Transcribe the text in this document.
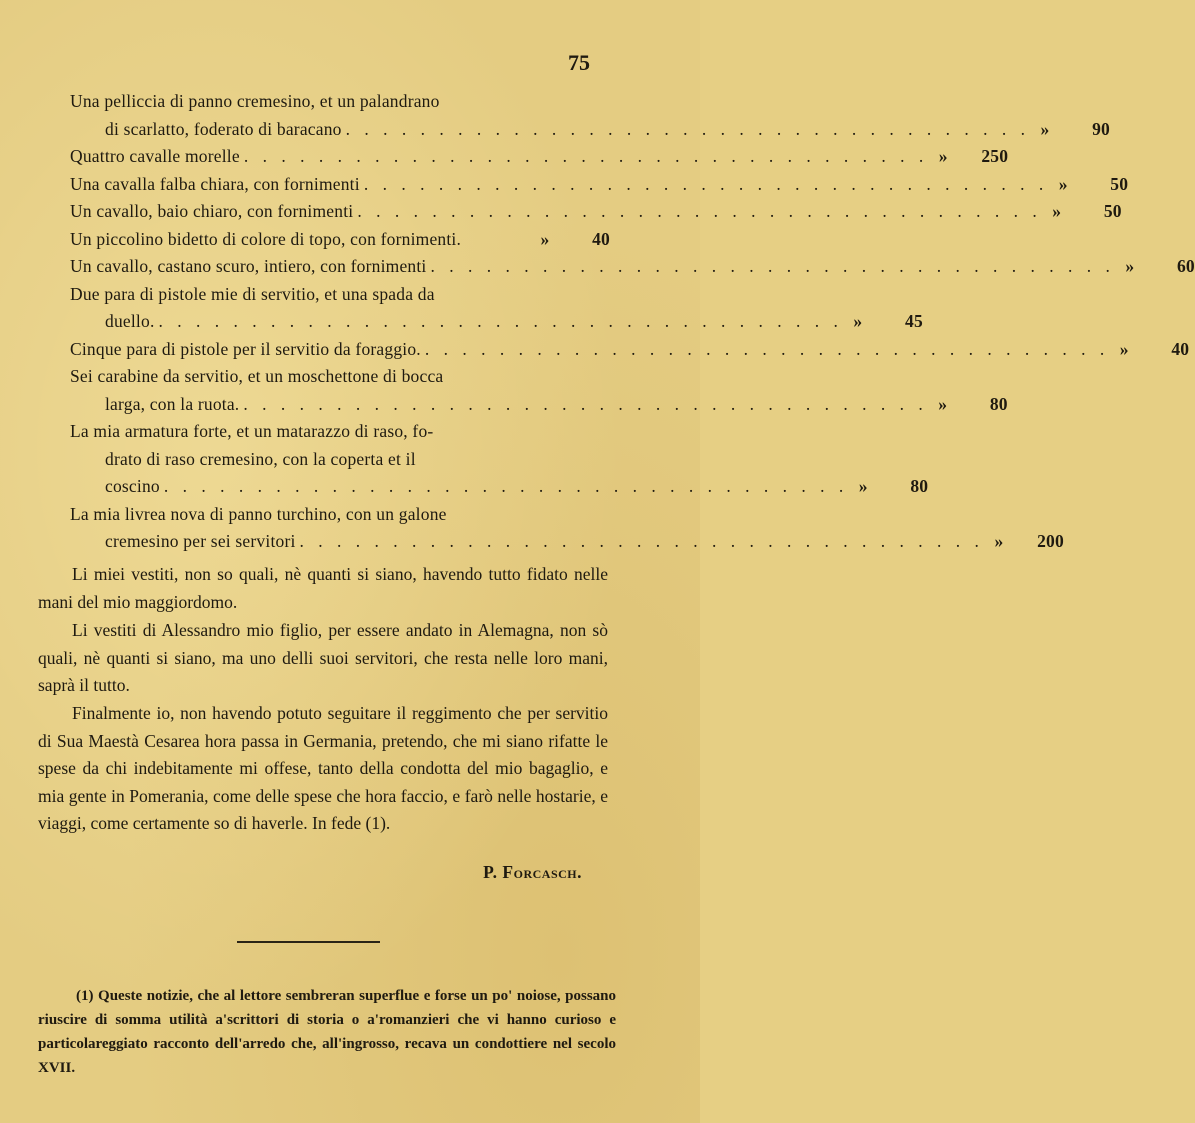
75
Una pelliccia di panno cremesino, et un palandrano
di scarlatto, foderato di baracano . . . . . . . . . . . . . . . . . . . . . . . . . . . . . . . . . . . . . »	90
Quattro cavalle morelle . . . . . . . . . . . . . . . . . . . . . . . . . . . . . . . . . . . . . »	250
Una cavalla falba chiara, con fornimenti . . . . . . . . . . . . . . . . . . . . . . . . . . . . . . . . . . . . . »	50
Un cavallo, baio chiaro, con fornimenti . . . . . . . . . . . . . . . . . . . . . . . . . . . . . . . . . . . . . »	50
Un piccolino bidetto di colore di topo, con fornimenti.	»	40
Un cavallo, castano scuro, intiero, con fornimenti . . . . . . . . . . . . . . . . . . . . . . . . . . . . . . . . . . . . . »	60
Due para di pistole mie di servitio, et una spada da
duello. . . . . . . . . . . . . . . . . . . . . . . . . . . . . . . . . . . . . . »	45
Cinque para di pistole per il servitio da foraggio. . . . . . . . . . . . . . . . . . . . . . . . . . . . . . . . . . . . . . »	40
Sei carabine da servitio, et un moschettone di bocca
larga, con la ruota. . . . . . . . . . . . . . . . . . . . . . . . . . . . . . . . . . . . . . »	80
La mia armatura forte, et un matarazzo di raso, fo-
drato di raso cremesino, con la coperta et il
coscino . . . . . . . . . . . . . . . . . . . . . . . . . . . . . . . . . . . . . »	80
La mia livrea nova di panno turchino, con un galone
cremesino per sei servitori . . . . . . . . . . . . . . . . . . . . . . . . . . . . . . . . . . . . . »	200
Li miei vestiti, non so quali, nè quanti si siano, havendo tutto fidato nelle mani del mio maggiordomo.
Li vestiti di Alessandro mio figlio, per essere andato in Alemagna, non sò quali, nè quanti si siano, ma uno delli suoi servitori, che resta nelle loro mani, saprà il tutto.
Finalmente io, non havendo potuto seguitare il reggimento che per servitio di Sua Maestà Cesarea hora passa in Germania, pretendo, che mi siano rifatte le spese da chi indebitamente mi offese, tanto della condotta del mio bagaglio, e mia gente in Pomerania, come delle spese che hora faccio, e farò nelle hostarie, e viaggi, come certamente so di haverle. In fede (1).
P. Forcasch.
(1) Queste notizie, che al lettore sembreran superflue e forse un po' noiose, possano riuscire di somma utilità a'scrittori di storia o a'romanzieri che vi hanno curioso e particolareggiato racconto dell'arredo che, all'ingrosso, recava un condottiere nel secolo XVII.
